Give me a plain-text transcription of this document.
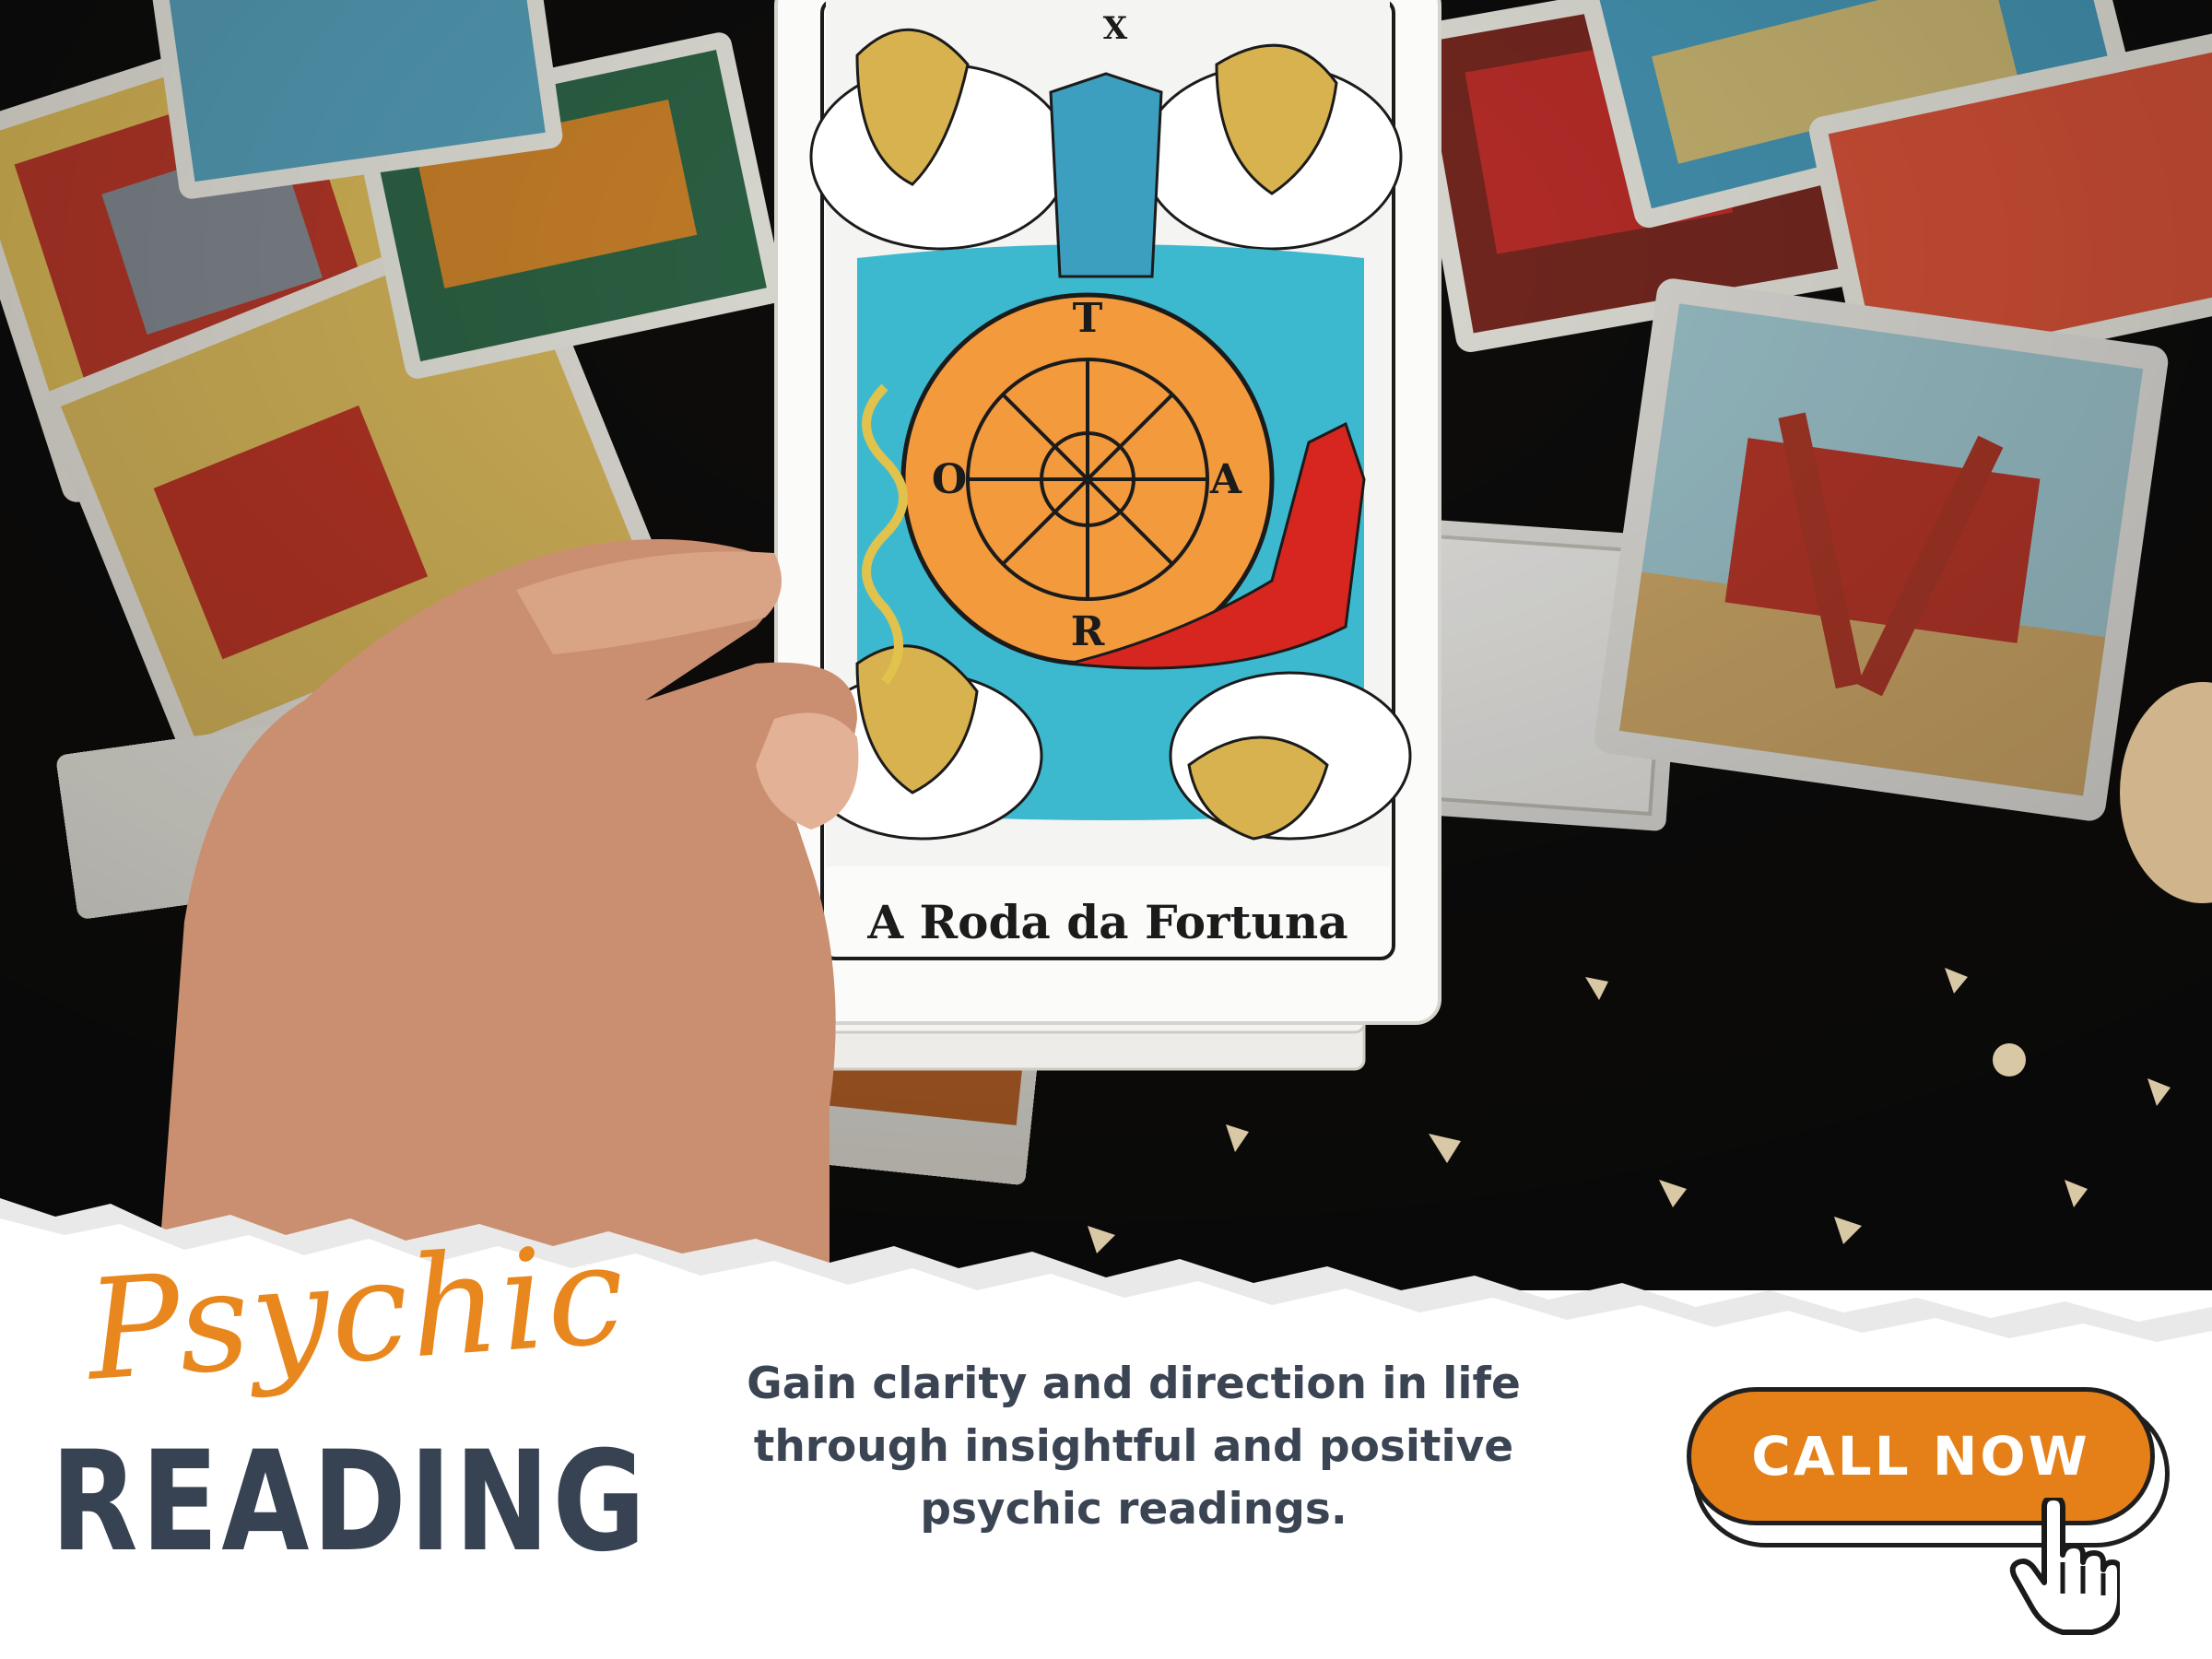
X
T
A
R
O
A Roda da Fortuna
Psychic
READING
Gain clarity and direction in life
through insightful and positive
psychic readings.
CALL NOW
